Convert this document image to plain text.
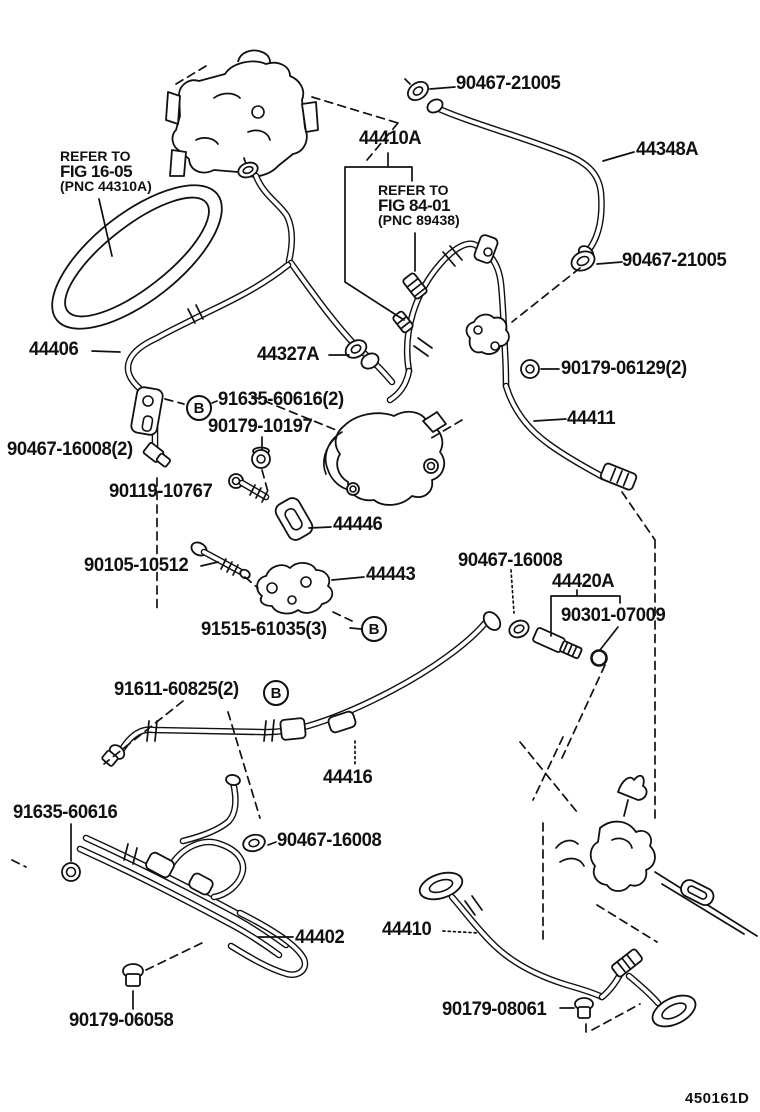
90467-21005
44410A
44348A
90467-21005
44406	44327A
91635-60616(2)
90179-10197
90467-16008(2)
90119-10767
44446
90105-10512
90179-06129(2)
44411
44443
91515-61035(3)
90467-16008
44420A
90301-07009
91611-60825(2)
44416
91635-60616
90467-16008
44402 44410
90179-06058
90179-08061
REFER TO
FIG 16-05
(PNC 44310A)	REFER TO
FIG 84-01
(PNC 89438)
B
B
B
450161D
